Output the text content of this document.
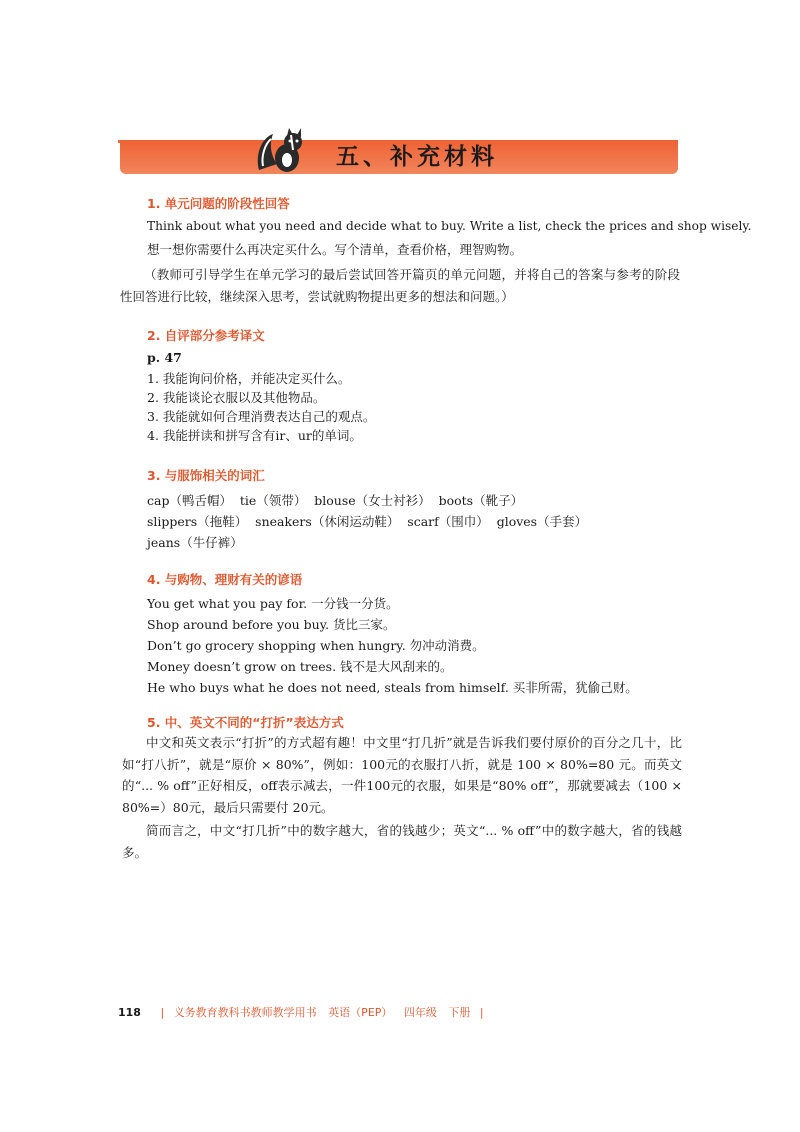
五、补充材料
1. 单元问题的阶段性回答
Think about what you need and decide what to buy. Write a list, check the prices and shop wisely.
想一想你需要什么再决定买什么。写个清单，查看价格，理智购物。
（教师可引导学生在单元学习的最后尝试回答开篇页的单元问题，并将自己的答案与参考的阶段性回答进行比较，继续深入思考，尝试就购物提出更多的想法和问题。）
2. 自评部分参考译文
p. 47
1. 我能询问价格，并能决定买什么。
2. 我能谈论衣服以及其他物品。
3. 我能就如何合理消费表达自己的观点。
4. 我能拼读和拼写含有ir、ur的单词。
3. 与服饰相关的词汇
cap（鸭舌帽）  tie（领带）  blouse（女士衬衫）  boots（靴子）
slippers（拖鞋）  sneakers（休闲运动鞋）  scarf（围巾）  gloves（手套）
jeans（牛仔裤）
4. 与购物、理财有关的谚语
You get what you pay for. 一分钱一分货。
Shop around before you buy. 货比三家。
Don’t go grocery shopping when hungry. 勿冲动消费。
Money doesn’t grow on trees. 钱不是大风刮来的。
He who buys what he does not need, steals from himself. 买非所需，犹偷己财。
5. 中、英文不同的“打折”表达方式
中文和英文表示“打折”的方式超有趣！中文里“打几折”就是告诉我们要付原价的百分之几十，比如“打八折”，就是“原价 × 80%”，例如：100元的衣服打八折，就是 100 × 80%=80 元。而英文的“... % off”正好相反，off表示减去，一件100元的衣服，如果是“80% off”，那就要减去（100 × 80%=）80元，最后只需要付 20元。
简而言之，中文“打几折”中的数字越大，省的钱越少；英文“... % off”中的数字越大，省的钱越多。
118 | 义务教育教科书教师教学用书 英语（PEP） 四年级 下册 |
